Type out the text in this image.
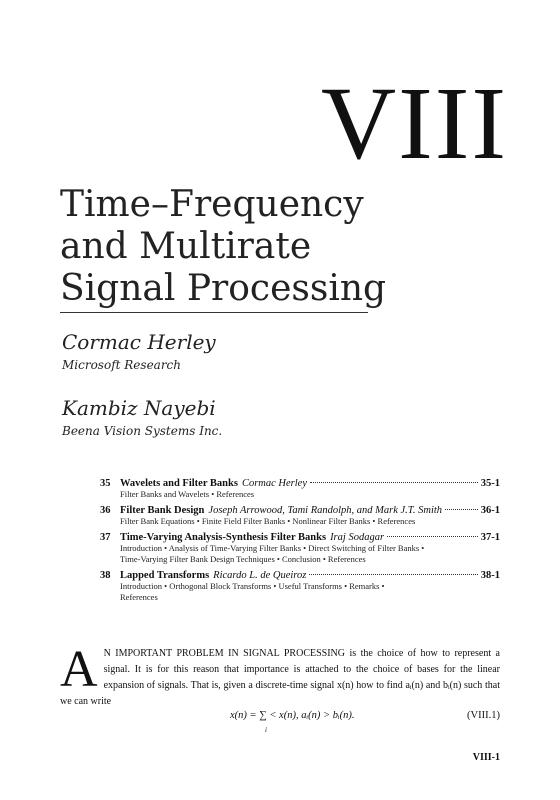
VIII
Time–Frequency
and Multirate
Signal Processing
Cormac Herley
Microsoft Research
Kambiz Nayebi
Beena Vision Systems Inc.
35 Wavelets and Filter Banks Cormac Herley	35-1
Filter Banks and Wavelets • References
36 Filter Bank Design Joseph Arrowood, Tami Randolph, and Mark J.T. Smith	36-1
Filter Bank Equations • Finite Field Filter Banks • Nonlinear Filter Banks • References
37 Time-Varying Analysis-Synthesis Filter Banks Iraj Sodagar	37-1
Introduction • Analysis of Time-Varying Filter Banks • Direct Switching of Filter Banks •
Time-Varying Filter Bank Design Techniques • Conclusion • References
38 Lapped Transforms Ricardo L. de Queiroz	38-1
Introduction • Orthogonal Block Transforms • Useful Transforms • Remarks •
References
A N IMPORTANT PROBLEM IN SIGNAL PROCESSING is the choice of how to represent a signal. It is for this reason that importance is attached to the choice of bases for the linear expansion of signals. That is, given a discrete-time signal x(n) how to find aᵢ(n) and bᵢ(n) such that we can write
x(n) = ∑ < x(n), aᵢ(n) > bᵢ(n).
i
(VIII.1)
VIII-1
